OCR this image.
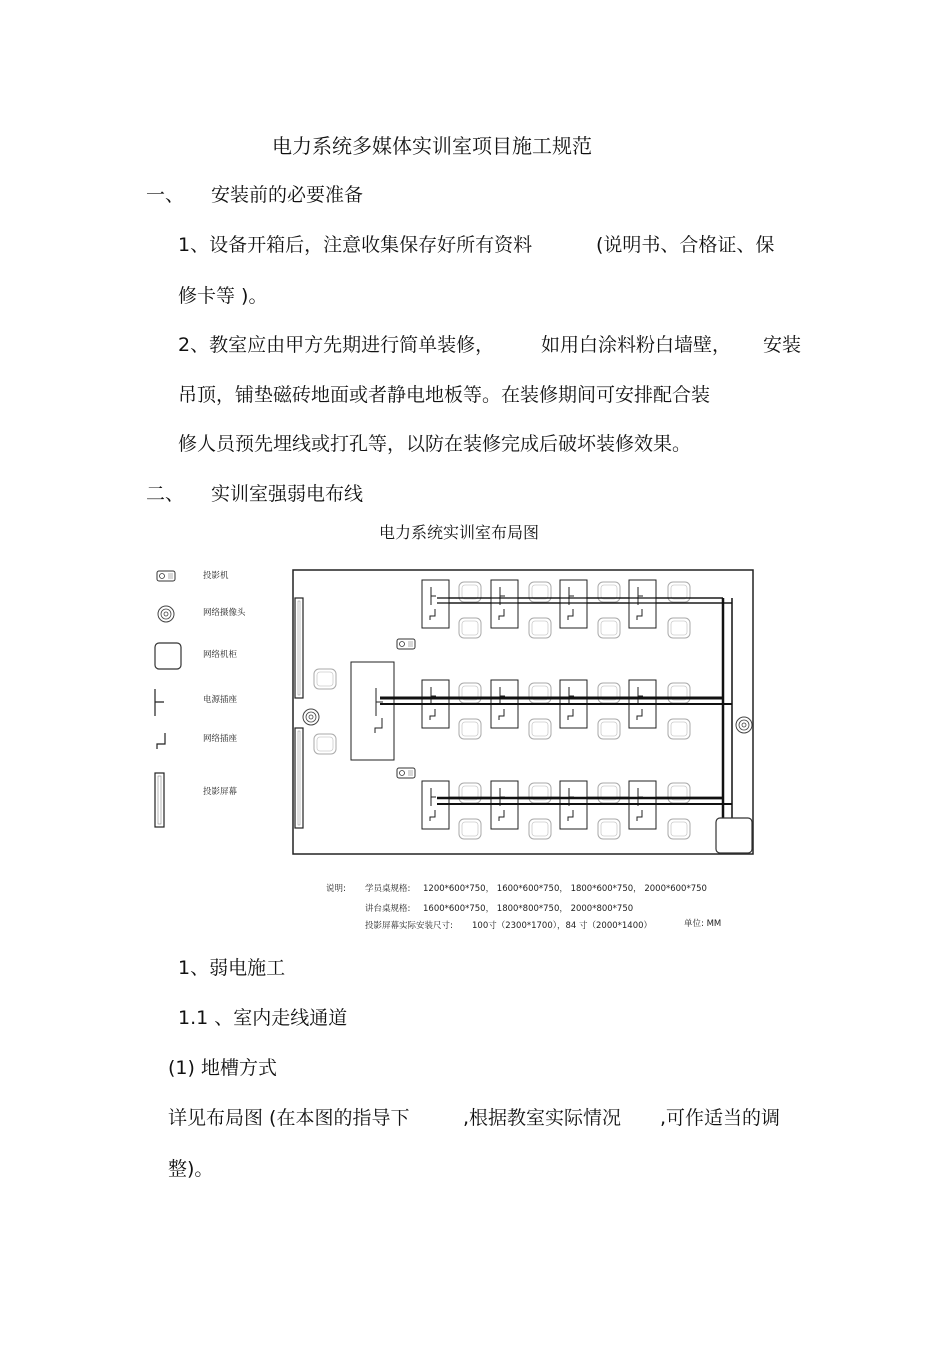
电力系统多媒体实训室项目施工规范
一、 安装前的必要准备
1、设备开箱后，注意收集保存好所有资料	(说明书、合格证、保
修卡等 )。
2、教室应由甲方先期进行简单装修， 如用白涂料粉白墙壁， 安装
吊顶，铺垫磁砖地面或者静电地板等。在装修期间可安排配合装
修人员预先埋线或打孔等，以防在装修完成后破坏装修效果。
二、 实训室强弱电布线
电力系统实训室布局图
投影机
网络摄像头
网络机柜
电源插座
网络插座
投影屏幕
说明: 学员桌规格: 1200*600*750， 1600*600*750， 1800*600*750， 2000*600*750
讲台桌规格: 1600*600*750， 1800*800*750， 2000*800*750
投影屏幕实际安装尺寸: 100寸（2300*1700），84 寸（2000*1400）	单位: MM
1、弱电施工
1.1 、室内走线通道
(1) 地槽方式
详见布局图 (在本图的指导下	,根据教室实际情况 ,可作适当的调
整)。
